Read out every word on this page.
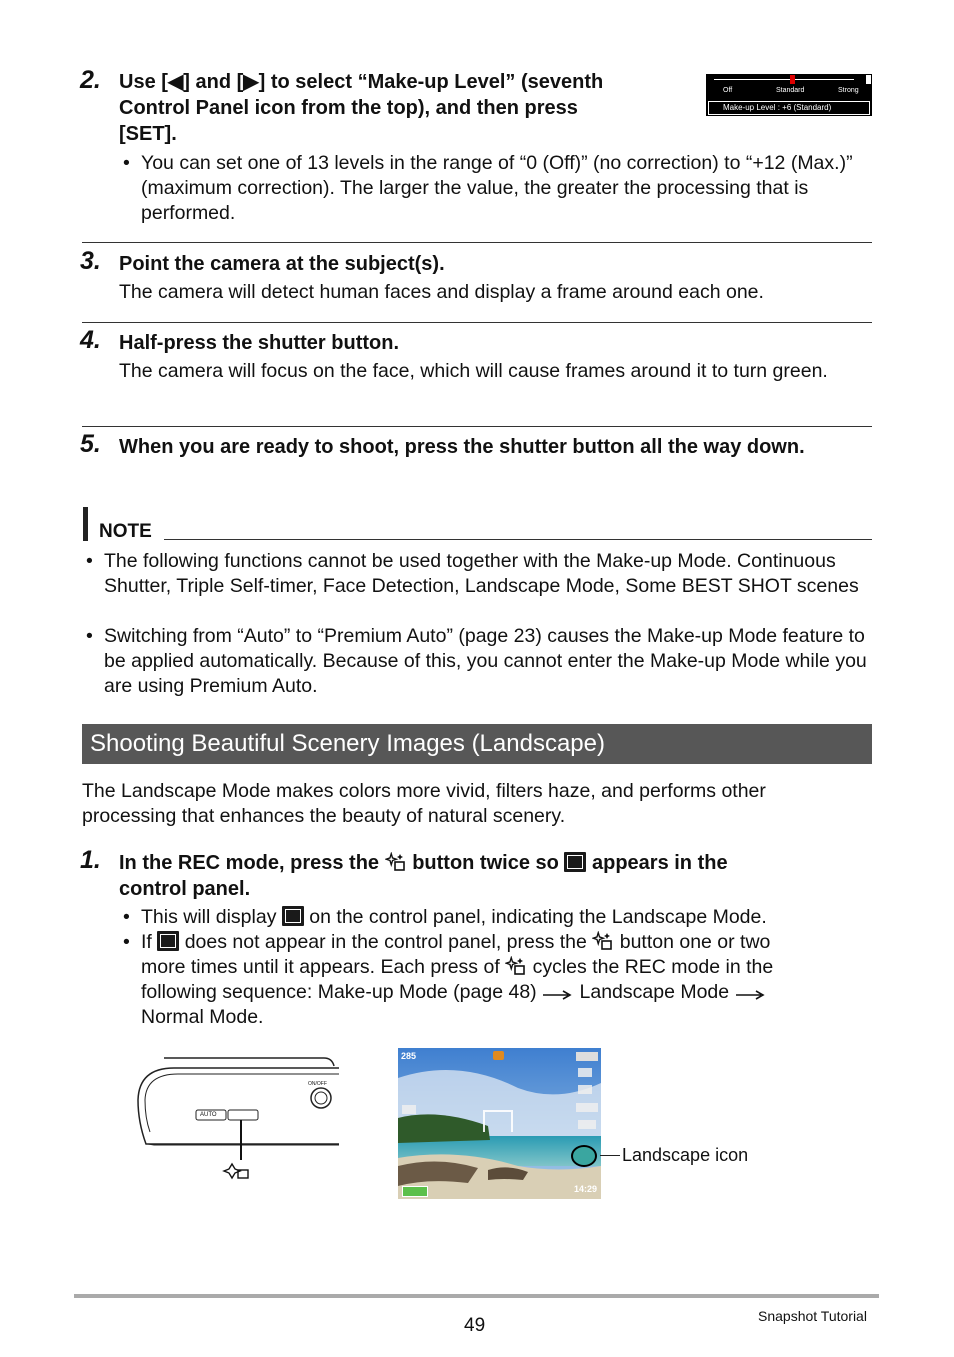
2. Use [◀] and [▶] to select “Make-up Level” (seventh
Control Panel icon from the top), and then press
[SET].
Off	Standard	Strong
Make-up Level : +6 (Standard)
• You can set one of 13 levels in the range of “0 (Off)” (no correction) to “+12 (Max.)” (maximum correction). The larger the value, the greater the processing that is performed.
3. Point the camera at the subject(s).
The camera will detect human faces and display a frame around each one.
4. Half-press the shutter button.
The camera will focus on the face, which will cause frames around it to turn green.
5. When you are ready to shoot, press the shutter button all the way down.
NOTE
• The following functions cannot be used together with the Make-up Mode. Continuous Shutter, Triple Self-timer, Face Detection, Landscape Mode, Some BEST SHOT scenes
• Switching from “Auto” to “Premium Auto” (page 23) causes the Make-up Mode feature to be applied automatically. Because of this, you cannot enter the Make-up Mode while you are using Premium Auto.
Shooting Beautiful Scenery Images (Landscape)
The Landscape Mode makes colors more vivid, filters haze, and performs other processing that enhances the beauty of natural scenery.
1. In the REC mode, press the button twice so appears in the
control panel.
• This will display on the control panel, indicating the Landscape Mode.
• If does not appear in the control panel, press the button one or two
more times until it appears. Each press of cycles the REC mode in the
following sequence: Make-up Mode (page 48) Landscape Mode
Normal Mode.
AUTO
ON/OFF
285
14:29
Landscape icon
49	Snapshot Tutorial
